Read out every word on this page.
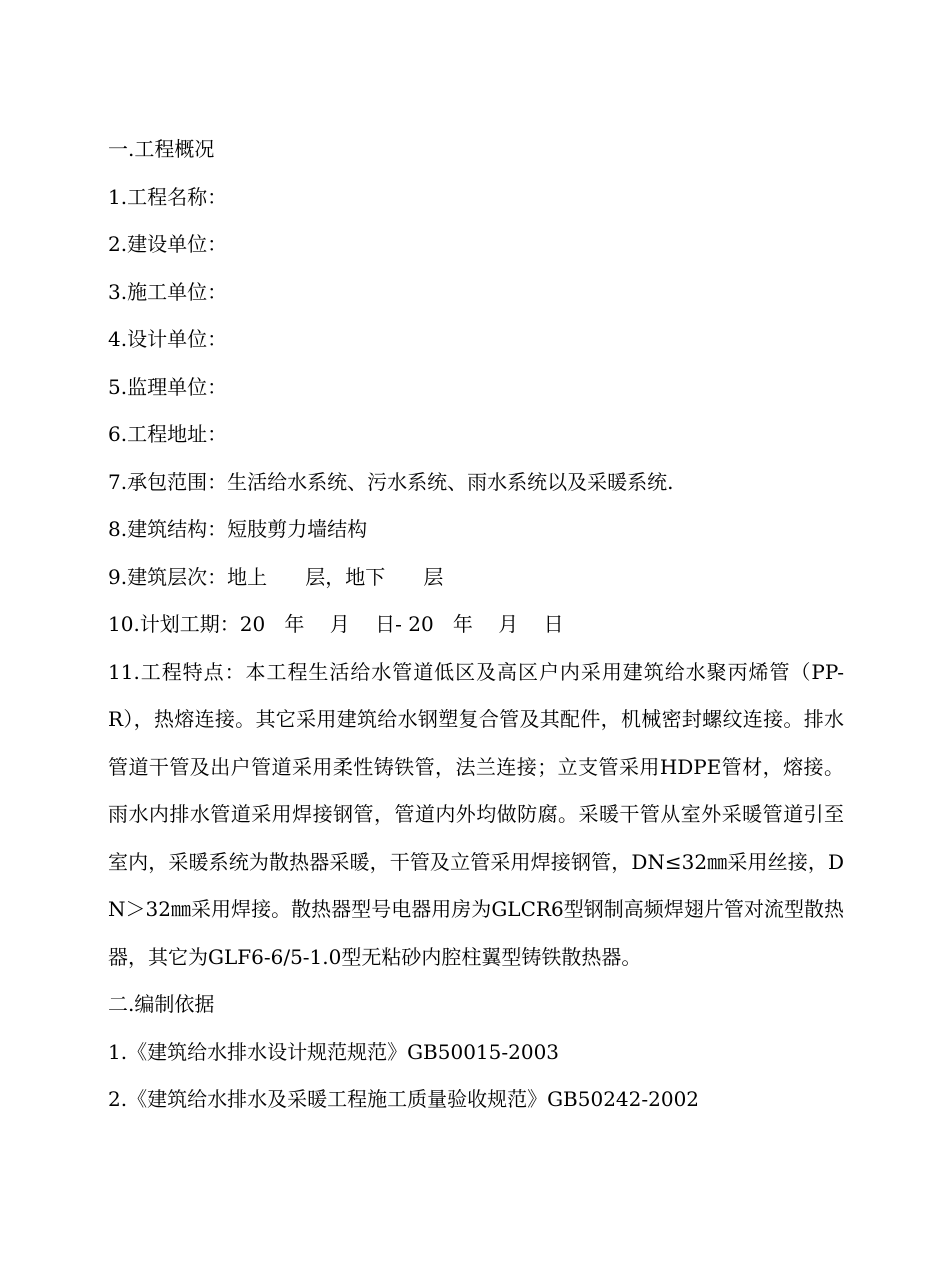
一.工程概况
1.工程名称：
2.建设单位：
3.施工单位：
4.设计单位：
5.监理单位：
6.工程地址：
7.承包范围：生活给水系统、污水系统、雨水系统以及采暖系统.
8.建筑结构：短肢剪力墙结构
9.建筑层次：地上      层，地下      层
10.计划工期：20   年    月    日- 20   年    月    日
11.工程特点：本工程生活给水管道低区及高区户内采用建筑给水聚丙烯管（PP-R），热熔连接。其它采用建筑给水钢塑复合管及其配件，机械密封螺纹连接。排水管道干管及出户管道采用柔性铸铁管，法兰连接；立支管采用HDPE管材，熔接。雨水内排水管道采用焊接钢管，管道内外均做防腐。采暖干管从室外采暖管道引至室内，采暖系统为散热器采暖，干管及立管采用焊接钢管，DN≤32㎜采用丝接，DN＞32㎜采用焊接。散热器型号电器用房为GLCR6型钢制高频焊翅片管对流型散热器，其它为GLF6-6/5-1.0型无粘砂内腔柱翼型铸铁散热器。
二.编制依据
1.《建筑给水排水设计规范规范》GB50015-2003
2.《建筑给水排水及采暖工程施工质量验收规范》GB50242-2002
